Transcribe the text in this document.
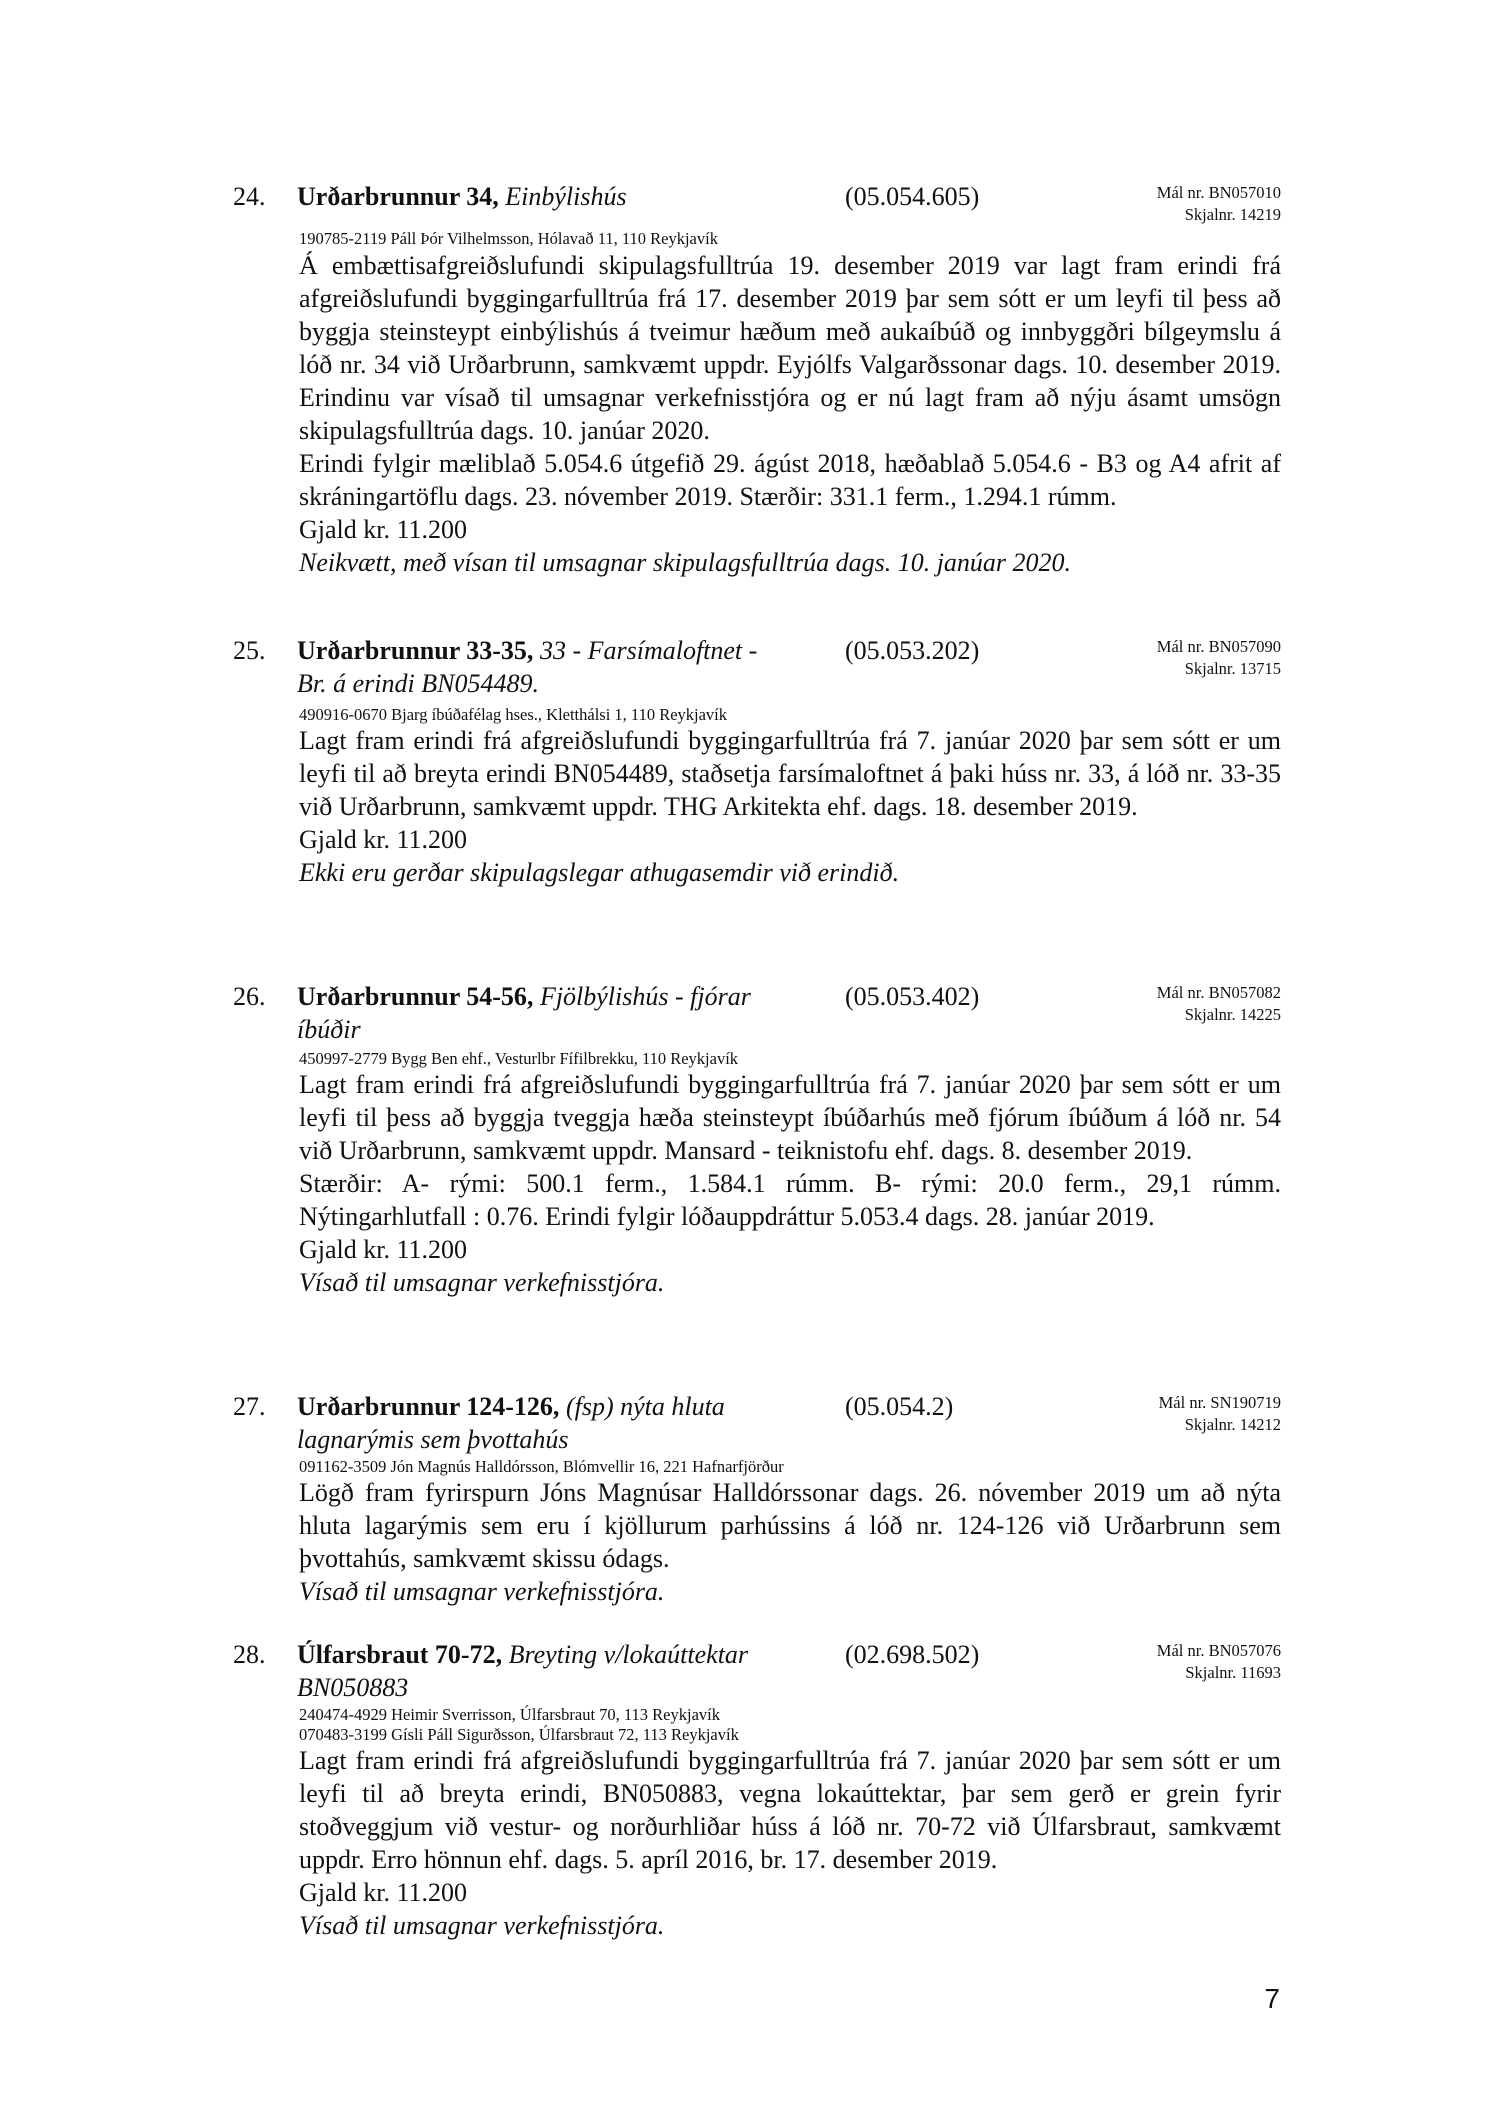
24. Urðarbrunnur 34, Einbýlishús	(05.054.605)	Mál nr. BN057010
Skjalnr. 14219
190785-2119 Páll Þór Vilhelmsson, Hólavað 11, 110 Reykjavík

Á embættisafgreiðslufundi skipulagsfulltrúa 19. desember 2019 var lagt fram erindi frá afgreiðslufundi byggingarfulltrúa frá 17. desember 2019 þar sem sótt er um leyfi til þess að byggja steinsteypt einbýlishús á tveimur hæðum með aukaíbúð og innbyggðri bílgeymslu á lóð nr. 34 við Urðarbrunn, samkvæmt uppdr. Eyjólfs Valgarðssonar dags. 10. desember 2019. Erindinu var vísað til umsagnar verkefnisstjóra og er nú lagt fram að nýju ásamt umsögn skipulagsfulltrúa dags. 10. janúar 2020.

Erindi fylgir mæliblað 5.054.6 útgefið 29. ágúst 2018, hæðablað 5.054.6 - B3 og A4 afrit af skráningartöflu dags. 23. nóvember 2019. Stærðir: 331.1 ferm., 1.294.1 rúmm.

Gjald kr. 11.200

Neikvætt, með vísan til umsagnar skipulagsfulltrúa dags. 10. janúar 2020.

25. Urðarbrunnur 33-35, 33 - Farsímaloftnet -
Br. á erindi BN054489.
(05.053.202)	Mál nr. BN057090
Skjalnr. 13715
490916-0670 Bjarg íbúðafélag hses., Kletthálsi 1, 110 Reykjavík

Lagt fram erindi frá afgreiðslufundi byggingarfulltrúa frá 7. janúar 2020 þar sem sótt er um leyfi til að breyta erindi BN054489, staðsetja farsímaloftnet á þaki húss nr. 33, á lóð nr. 33-35 við Urðarbrunn, samkvæmt uppdr. THG Arkitekta ehf. dags. 18. desember 2019.

Gjald kr. 11.200

Ekki eru gerðar skipulagslegar athugasemdir við erindið.

26. Urðarbrunnur 54-56, Fjölbýlishús - fjórar
íbúðir
(05.053.402)	Mál nr. BN057082
Skjalnr. 14225
450997-2779 Bygg Ben ehf., Vesturlbr Fífilbrekku, 110 Reykjavík

Lagt fram erindi frá afgreiðslufundi byggingarfulltrúa frá 7. janúar 2020 þar sem sótt er um leyfi til þess að byggja tveggja hæða steinsteypt íbúðarhús með fjórum íbúðum á lóð nr. 54 við Urðarbrunn, samkvæmt uppdr. Mansard - teiknistofu ehf. dags. 8. desember 2019.

Stærðir: A- rými: 500.1 ferm., 1.584.1 rúmm. B- rými: 20.0 ferm., 29,1 rúmm. Nýtingarhlutfall : 0.76. Erindi fylgir lóðauppdráttur 5.053.4 dags. 28. janúar 2019.

Gjald kr. 11.200

Vísað til umsagnar verkefnisstjóra.

27. Urðarbrunnur 124-126, (fsp) nýta hluta
lagnarýmis sem þvottahús
(05.054.2)	Mál nr. SN190719
Skjalnr. 14212
091162-3509 Jón Magnús Halldórsson, Blómvellir 16, 221 Hafnarfjörður

Lögð fram fyrirspurn Jóns Magnúsar Halldórssonar dags. 26. nóvember 2019 um að nýta hluta lagarýmis sem eru í kjöllurum parhússins á lóð nr. 124-126 við Urðarbrunn sem þvottahús, samkvæmt skissu ódags.

Vísað til umsagnar verkefnisstjóra.

28. Úlfarsbraut 70-72, Breyting v/lokaúttektar
BN050883
(02.698.502)	Mál nr. BN057076
Skjalnr. 11693
240474-4929 Heimir Sverrisson, Úlfarsbraut 70, 113 Reykjavík
070483-3199 Gísli Páll Sigurðsson, Úlfarsbraut 72, 113 Reykjavík

Lagt fram erindi frá afgreiðslufundi byggingarfulltrúa frá 7. janúar 2020 þar sem sótt er um leyfi til að breyta erindi, BN050883, vegna lokaúttektar, þar sem gerð er grein fyrir stoðveggjum við vestur- og norðurhliðar húss á lóð nr. 70-72 við Úlfarsbraut, samkvæmt uppdr. Erro hönnun ehf. dags. 5. apríl 2016, br. 17. desember 2019.

Gjald kr. 11.200

Vísað til umsagnar verkefnisstjóra.

7
